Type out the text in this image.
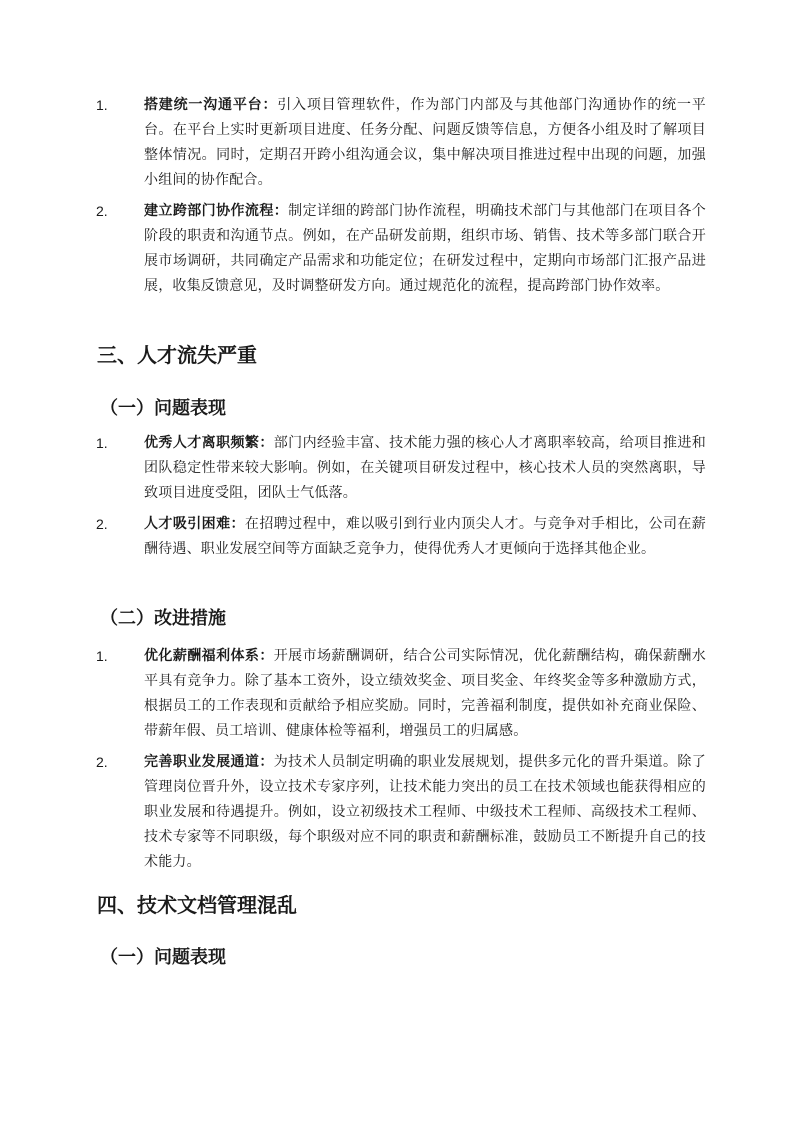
1.	搭建统一沟通平台：引入项目管理软件，作为部门内部及与其他部门沟通协作的统一平台。在平台上实时更新项目进度、任务分配、问题反馈等信息，方便各小组及时了解项目整体情况。同时，定期召开跨小组沟通会议，集中解决项目推进过程中出现的问题，加强小组间的协作配合。
2.	建立跨部门协作流程：制定详细的跨部门协作流程，明确技术部门与其他部门在项目各个阶段的职责和沟通节点。例如，在产品研发前期，组织市场、销售、技术等多部门联合开展市场调研，共同确定产品需求和功能定位；在研发过程中，定期向市场部门汇报产品进展，收集反馈意见，及时调整研发方向。通过规范化的流程，提高跨部门协作效率。
三、人才流失严重
（一）问题表现
1.	优秀人才离职频繁：部门内经验丰富、技术能力强的核心人才离职率较高，给项目推进和团队稳定性带来较大影响。例如，在关键项目研发过程中，核心技术人员的突然离职，导致项目进度受阻，团队士气低落。
2.	人才吸引困难：在招聘过程中，难以吸引到行业内顶尖人才。与竞争对手相比，公司在薪酬待遇、职业发展空间等方面缺乏竞争力，使得优秀人才更倾向于选择其他企业。
（二）改进措施
1.	优化薪酬福利体系：开展市场薪酬调研，结合公司实际情况，优化薪酬结构，确保薪酬水平具有竞争力。除了基本工资外，设立绩效奖金、项目奖金、年终奖金等多种激励方式，根据员工的工作表现和贡献给予相应奖励。同时，完善福利制度，提供如补充商业保险、带薪年假、员工培训、健康体检等福利，增强员工的归属感。
2.	完善职业发展通道：为技术人员制定明确的职业发展规划，提供多元化的晋升渠道。除了管理岗位晋升外，设立技术专家序列，让技术能力突出的员工在技术领域也能获得相应的职业发展和待遇提升。例如，设立初级技术工程师、中级技术工程师、高级技术工程师、技术专家等不同职级，每个职级对应不同的职责和薪酬标准，鼓励员工不断提升自己的技术能力。
四、技术文档管理混乱
（一）问题表现
